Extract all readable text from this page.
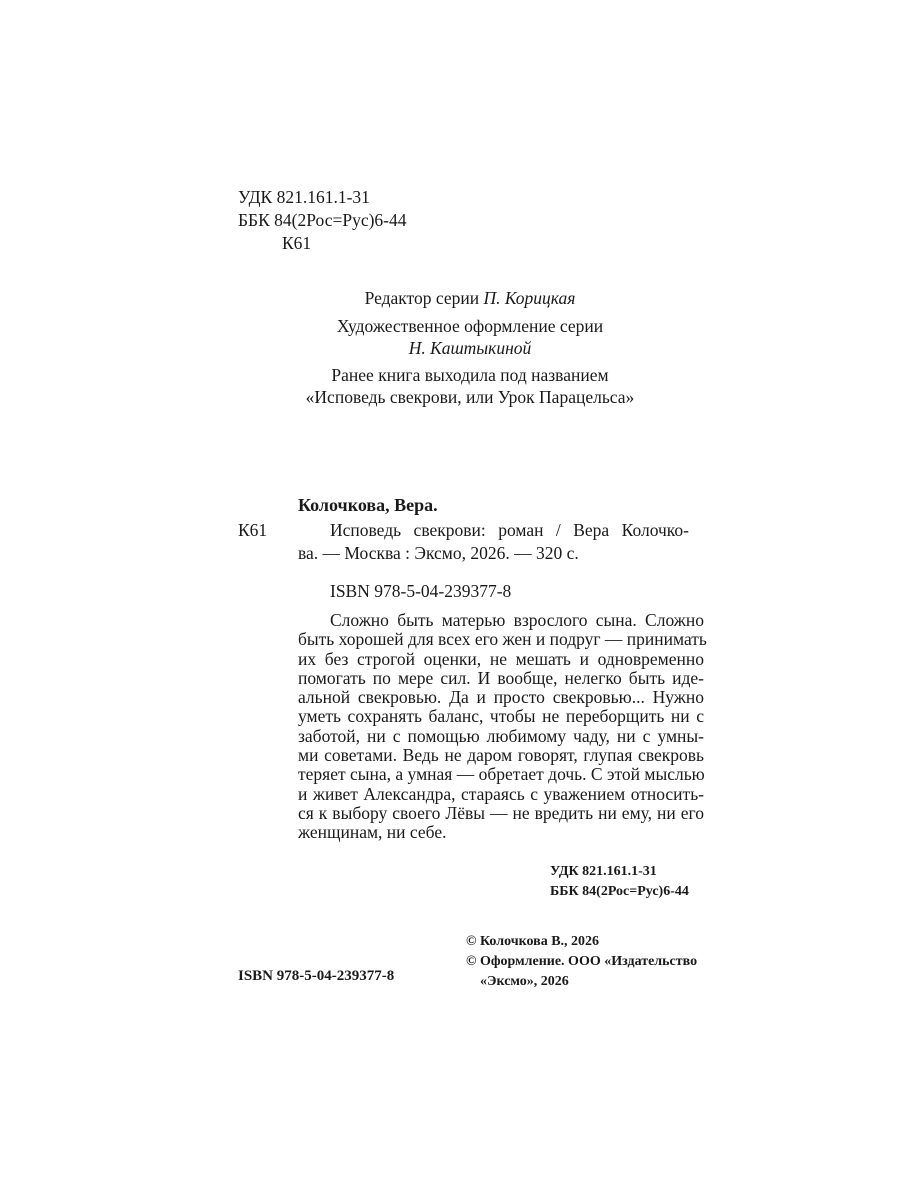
УДК 821.161.1-31
ББК 84(2Рос=Рус)6-44
К61
Редактор серии П. Корицкая
Художественное оформление серии
Н. Каштыкиной
Ранее книга выходила под названием
«Исповедь свекрови, или Урок Парацельса»
Колочкова, Вера.
К61	Исповедь свекрови: роман / Вера Колочко-
ва. — Москва : Эксмо, 2026. — 320 с.
ISBN 978-5-04-239377-8
Сложно быть матерью взрослого сына. Сложно
быть хорошей для всех его жен и подруг — принимать
их без строгой оценки, не мешать и одновременно
помогать по мере сил. И вообще, нелегко быть иде-
альной свекровью. Да и просто свекровью... Нужно
уметь сохранять баланс, чтобы не переборщить ни с
заботой, ни с помощью любимому чаду, ни с умны-
ми советами. Ведь не даром говорят, глупая свекровь
теряет сына, а умная — обретает дочь. С этой мыслью
и живет Александра, стараясь с уважением относить-
ся к выбору своего Лёвы — не вредить ни ему, ни его
женщинам, ни себе.
УДК 821.161.1-31
ББК 84(2Рос=Рус)6-44
© Колочкова В., 2026
© Оформление. ООО «Издательство
«Эксмо», 2026
ISBN 978-5-04-239377-8
